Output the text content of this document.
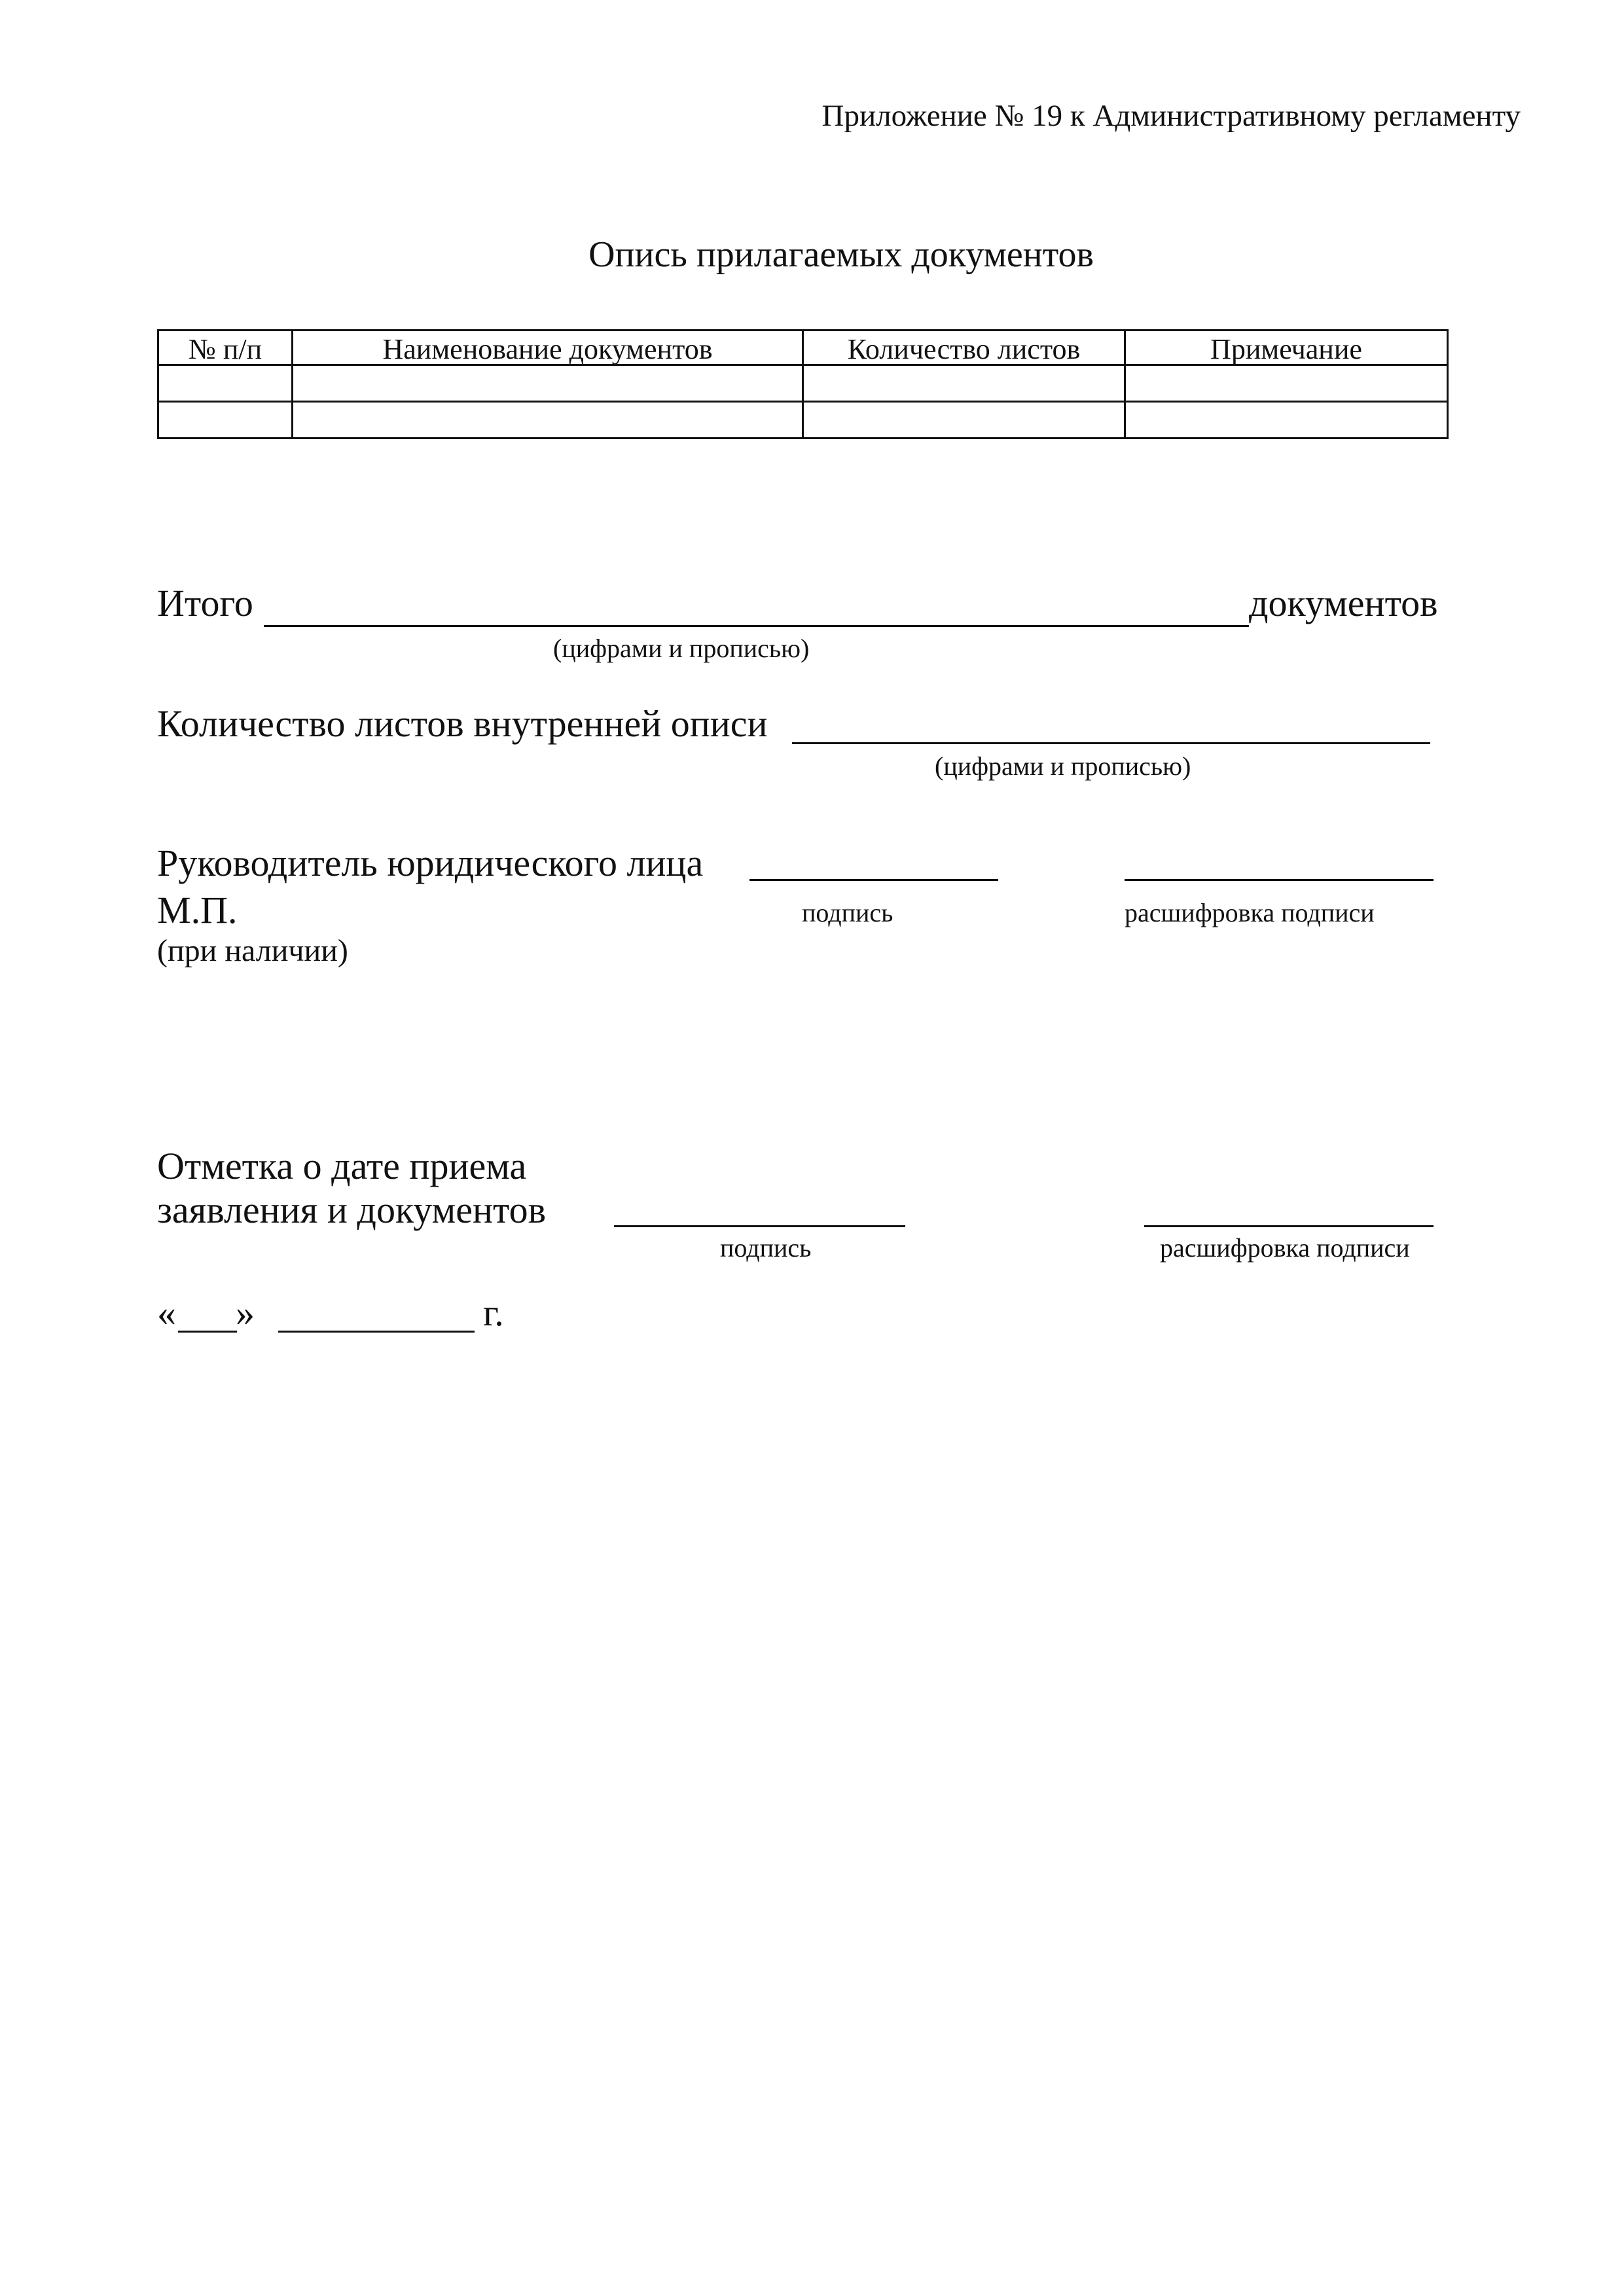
Приложение № 19 к Административному регламенту
Опись прилагаемых документов
№ п/п	Наименование документов	Количество листов	Примечание

Итого	документов
(цифрами и прописью)
Количество листов внутренней описи
(цифрами и прописью)
Руководитель юридического лица
М.П.	подпись	расшифровка подписи
(при наличии)
Отметка о дате приема
заявления и документов
подпись	расшифровка подписи
« »	г.
